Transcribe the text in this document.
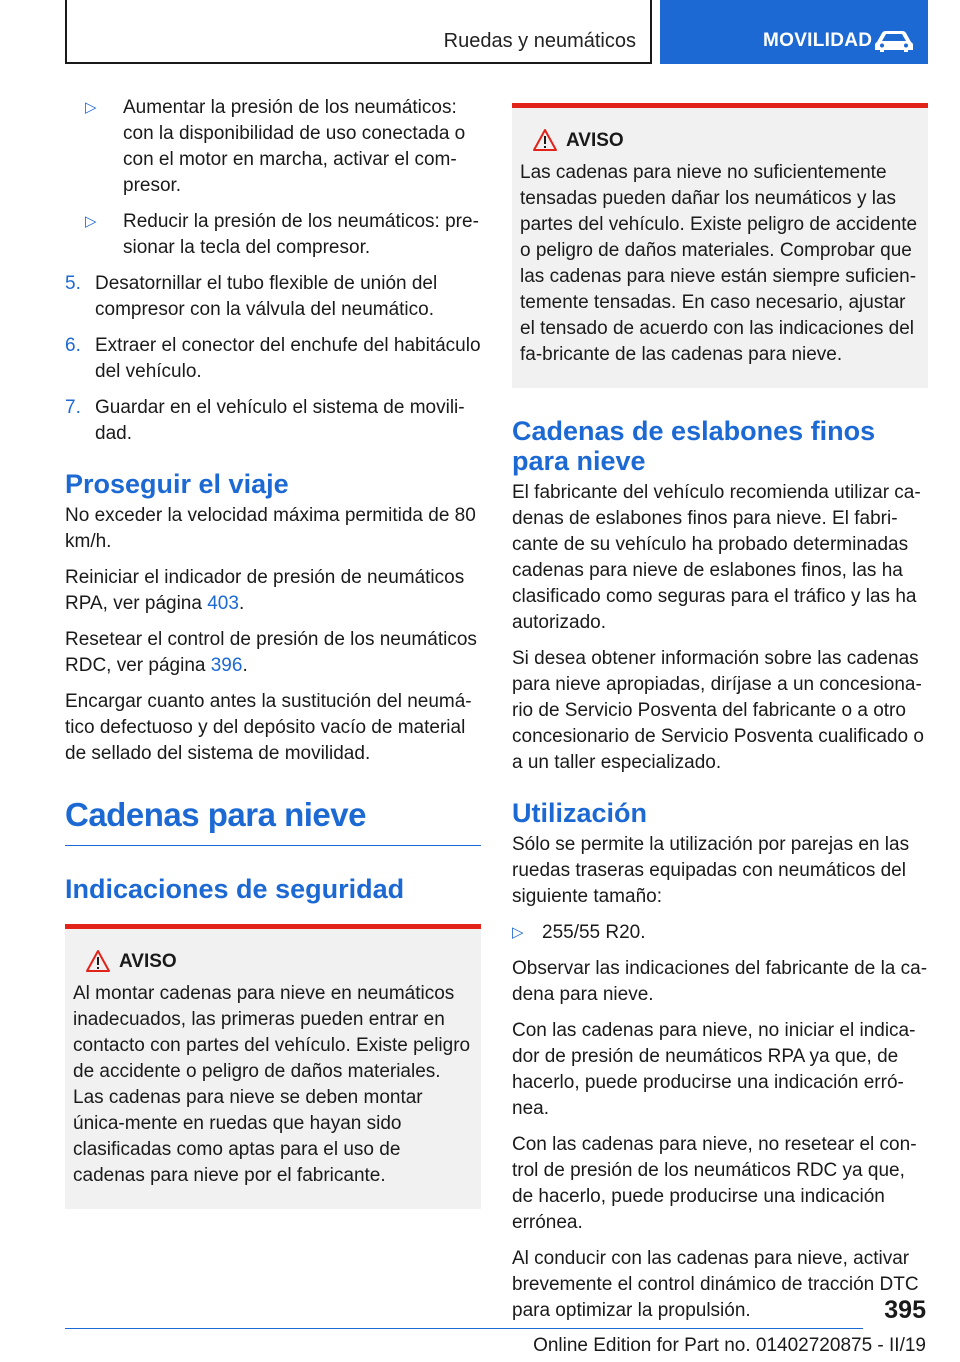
Ruedas y neumáticos	MOVILIDAD
▷ Aumentar la presión de los neumáticos: con la disponibilidad de uso conectada o con el motor en marcha, activar el com-presor.
▷ Reducir la presión de los neumáticos: pre-sionar la tecla del compresor.
5. Desatornillar el tubo flexible de unión del compresor con la válvula del neumático.
6. Extraer el conector del enchufe del habitáculo del vehículo.
7. Guardar en el vehículo el sistema de movili-dad.
Proseguir el viaje

No exceder la velocidad máxima permitida de 80 km/h.

Reiniciar el indicador de presión de neumáticos RPA, ver página 403.

Resetear el control de presión de los neumáticos RDC, ver página 396.

Encargar cuanto antes la sustitución del neumá-tico defectuoso y del depósito vacío de material de sellado del sistema de movilidad.

Cadenas para nieve
Indicaciones de seguridad
AVISO

Al montar cadenas para nieve en neumáticos inadecuados, las primeras pueden entrar en contacto con partes del vehículo. Existe peligro de accidente o peligro de daños materiales. Las cadenas para nieve se deben montar única-mente en ruedas que hayan sido clasificadas como aptas para el uso de cadenas para nieve por el fabricante.

AVISO

Las cadenas para nieve no suficientemente tensadas pueden dañar los neumáticos y las partes del vehículo. Existe peligro de accidente o peligro de daños materiales. Comprobar que las cadenas para nieve están siempre suficien-temente tensadas. En caso necesario, ajustar el tensado de acuerdo con las indicaciones del fa-bricante de las cadenas para nieve.

Cadenas de eslabones finos para nieve

El fabricante del vehículo recomienda utilizar ca-denas de eslabones finos para nieve. El fabri-cante de su vehículo ha probado determinadas cadenas para nieve de eslabones finos, las ha clasificado como seguras para el tráfico y las ha autorizado.

Si desea obtener información sobre las cadenas para nieve apropiadas, diríjase a un concesiona-rio de Servicio Posventa del fabricante o a otro concesionario de Servicio Posventa cualificado o a un taller especializado.

Utilización

Sólo se permite la utilización por parejas en las ruedas traseras equipadas con neumáticos del siguiente tamaño:

▷ 255/55 R20.

Observar las indicaciones del fabricante de la ca-dena para nieve.

Con las cadenas para nieve, no iniciar el indica-dor de presión de neumáticos RPA ya que, de hacerlo, puede producirse una indicación erró-nea.

Con las cadenas para nieve, no resetear el con-trol de presión de los neumáticos RDC ya que, de hacerlo, puede producirse una indicación errónea.

Al conducir con las cadenas para nieve, activar brevemente el control dinámico de tracción DTC para optimizar la propulsión.	395
Online Edition for Part no. 01402720875 - II/19
